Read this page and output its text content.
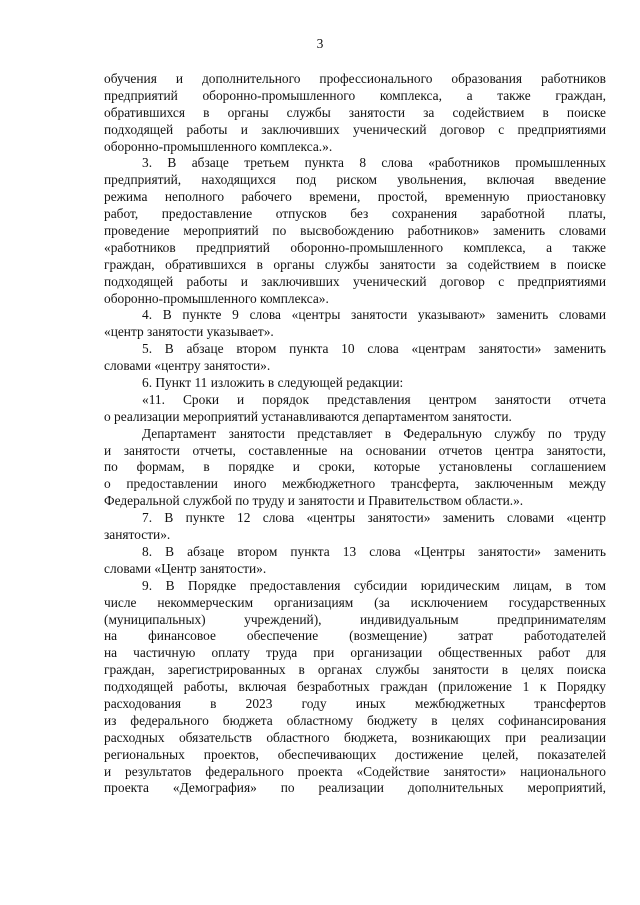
3
обучения и дополнительного профессионального образования работников
предприятий оборонно-промышленного комплекса, а также граждан,
обратившихся в органы службы занятости за содействием в поиске
подходящей работы и заключивших ученический договор с предприятиями
оборонно-промышленного комплекса.».
3. В абзаце третьем пункта 8 слова «работников промышленных
предприятий, находящихся под риском увольнения, включая введение
режима неполного рабочего времени, простой, временную приостановку
работ, предоставление отпусков без сохранения заработной платы,
проведение мероприятий по высвобождению работников» заменить словами
«работников предприятий оборонно-промышленного комплекса, а также
граждан, обратившихся в органы службы занятости за содействием в поиске
подходящей работы и заключивших ученический договор с предприятиями
оборонно-промышленного комплекса».
4. В пункте 9 слова «центры занятости указывают» заменить словами
«центр занятости указывает».
5. В абзаце втором пункта 10 слова «центрам занятости» заменить
словами «центру занятости».
6. Пункт 11 изложить в следующей редакции:
«11. Сроки и порядок представления центром занятости отчета
о реализации мероприятий устанавливаются департаментом занятости.
Департамент занятости представляет в Федеральную службу по труду
и занятости отчеты, составленные на основании отчетов центра занятости,
по формам, в порядке и сроки, которые установлены соглашением
о предоставлении иного межбюджетного трансферта, заключенным между
Федеральной службой по труду и занятости и Правительством области.».
7. В пункте 12 слова «центры занятости» заменить словами «центр
занятости».
8. В абзаце втором пункта 13 слова «Центры занятости» заменить
словами «Центр занятости».
9. В Порядке предоставления субсидии юридическим лицам, в том
числе некоммерческим организациям (за исключением государственных
(муниципальных) учреждений), индивидуальным предпринимателям
на финансовое обеспечение (возмещение) затрат работодателей
на частичную оплату труда при организации общественных работ для
граждан, зарегистрированных в органах службы занятости в целях поиска
подходящей работы, включая безработных граждан (приложение 1 к Порядку
расходования в 2023 году иных межбюджетных трансфертов
из федерального бюджета областному бюджету в целях софинансирования
расходных обязательств областного бюджета, возникающих при реализации
региональных проектов, обеспечивающих достижение целей, показателей
и результатов федерального проекта «Содействие занятости» национального
проекта «Демография» по реализации дополнительных мероприятий,
